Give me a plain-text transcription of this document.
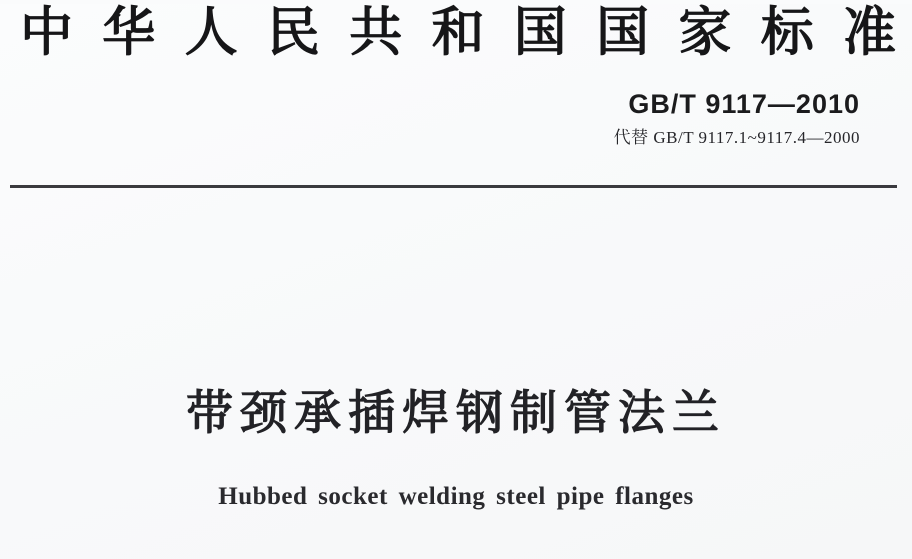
中华人民共和国国家标准
GB/T 9117—2010
代替 GB/T 9117.1~9117.4—2000
带颈承插焊钢制管法兰
Hubbed socket welding steel pipe flanges
